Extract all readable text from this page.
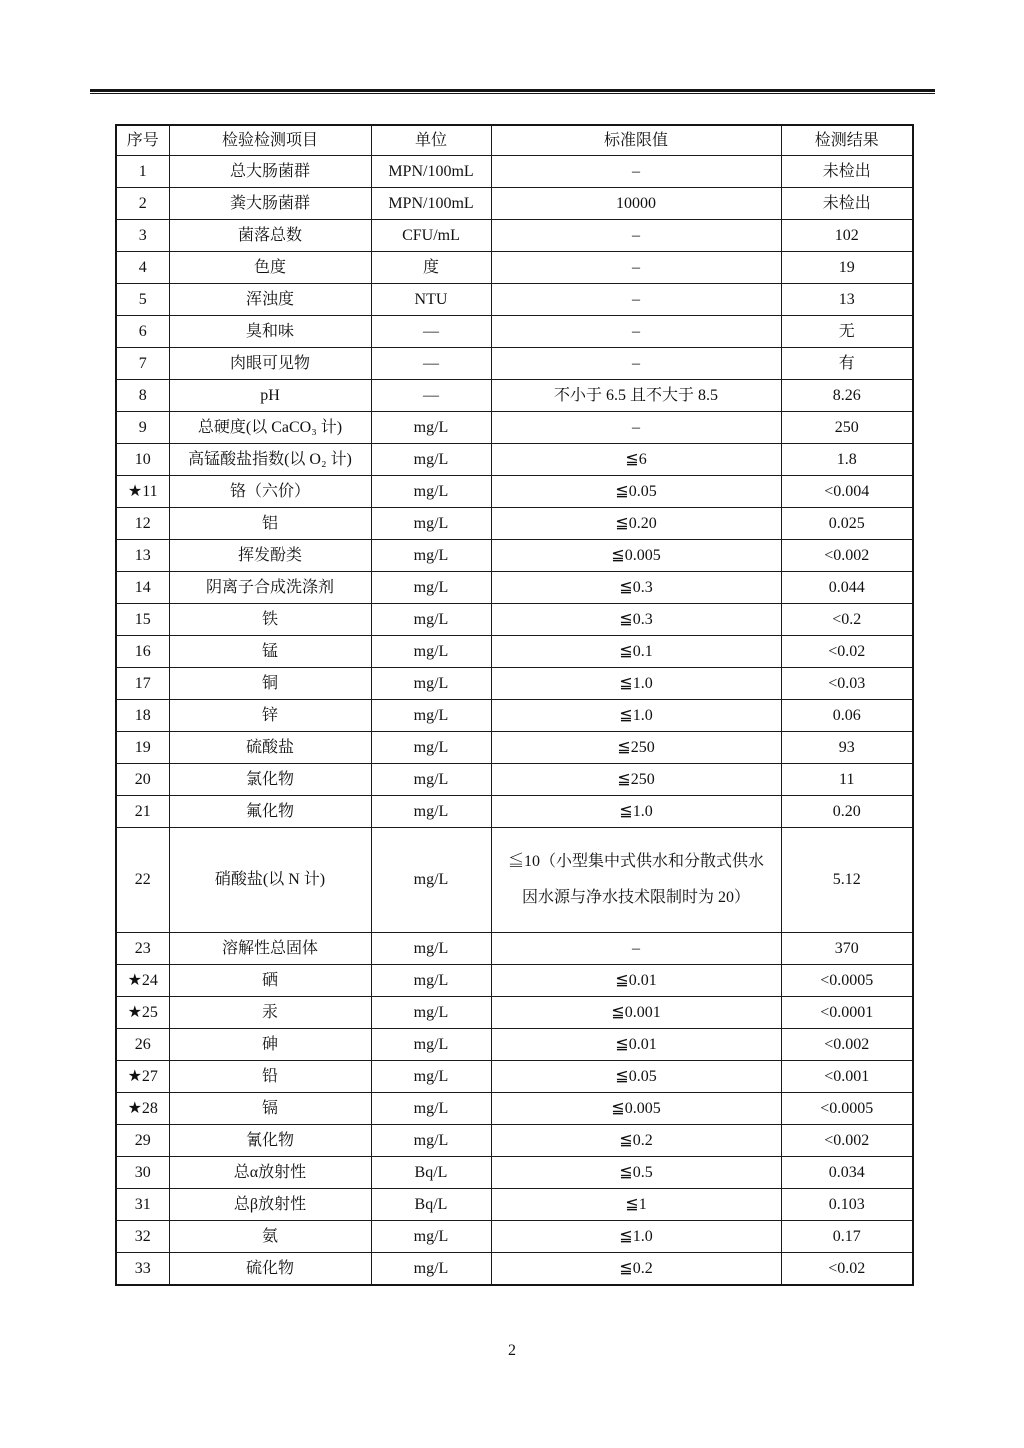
序号	检验检测项目	单位	标准限值	检测结果
1	总大肠菌群	MPN/100mL	–	未检出
2	粪大肠菌群	MPN/100mL	10000	未检出
3	菌落总数	CFU/mL	–	102
4	色度	度	–	19
5	浑浊度	NTU	–	13
6	臭和味	—	–	无
7	肉眼可见物	—	–	有
8	pH	—	不小于 6.5 且不大于 8.5	8.26
9	总硬度(以 CaCO₃ 计)	mg/L	–	250
10	高锰酸盐指数(以 O₂ 计)	mg/L	≦6	1.8
★11	铬（六价）	mg/L	≦0.05	<0.004
12	铝	mg/L	≦0.20	0.025
13	挥发酚类	mg/L	≦0.005	<0.002
14	阴离子合成洗涤剂	mg/L	≦0.3	0.044
15	铁	mg/L	≦0.3	<0.2
16	锰	mg/L	≦0.1	<0.02
17	铜	mg/L	≦1.0	<0.03
18	锌	mg/L	≦1.0	0.06
19	硫酸盐	mg/L	≦250	93
20	氯化物	mg/L	≦250	11
21	氟化物	mg/L	≦1.0	0.20
22	硝酸盐(以 N 计)	mg/L	≦10（小型集中式供水和分散式供水因水源与净水技术限制时为 20）	5.12
23	溶解性总固体	mg/L	–	370
★24	硒	mg/L	≦0.01	<0.0005
★25	汞	mg/L	≦0.001	<0.0001
26	砷	mg/L	≦0.01	<0.002
★27	铅	mg/L	≦0.05	<0.001
★28	镉	mg/L	≦0.005	<0.0005
29	氰化物	mg/L	≦0.2	<0.002
30	总α放射性	Bq/L	≦0.5	0.034
31	总β放射性	Bq/L	≦1	0.103
32	氨	mg/L	≦1.0	0.17
33	硫化物	mg/L	≦0.2	<0.02
2
